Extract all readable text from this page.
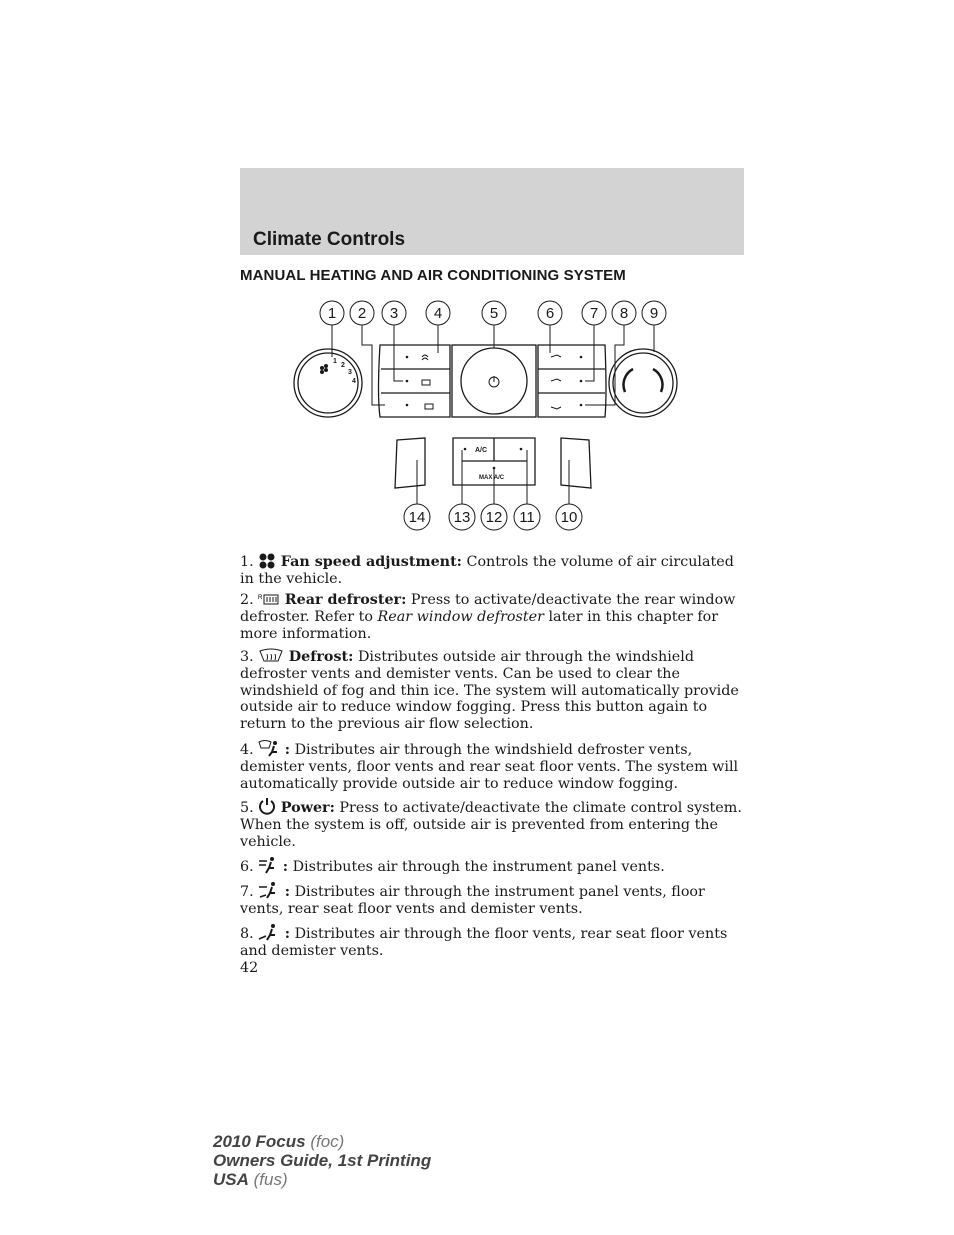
Climate Controls
MANUAL HEATING AND AIR CONDITIONING SYSTEM
1
2
3
4
A/C
MAX A/C
1 2 3 4	5	6 7 8 9
14 13 12 11 10
1. Fan speed adjustment: Controls the volume of air circulated in the vehicle.
2. R Rear defroster: Press to activate/deactivate the rear window defroster. Refer to Rear window defroster later in this chapter for more information.
3. Defrost: Distributes outside air through the windshield defroster vents and demister vents. Can be used to clear the windshield of fog and thin ice. The system will automatically provide outside air to reduce window fogging. Press this button again to return to the previous air flow selection.
4. : Distributes air through the windshield defroster vents, demister vents, floor vents and rear seat floor vents. The system will automatically provide outside air to reduce window fogging.
5. Power: Press to activate/deactivate the climate control system. When the system is off, outside air is prevented from entering the vehicle.
6. : Distributes air through the instrument panel vents.
7. : Distributes air through the instrument panel vents, floor vents, rear seat floor vents and demister vents.
8. : Distributes air through the floor vents, rear seat floor vents and demister vents.
42
2010 Focus (foc)
Owners Guide, 1st Printing
USA (fus)
